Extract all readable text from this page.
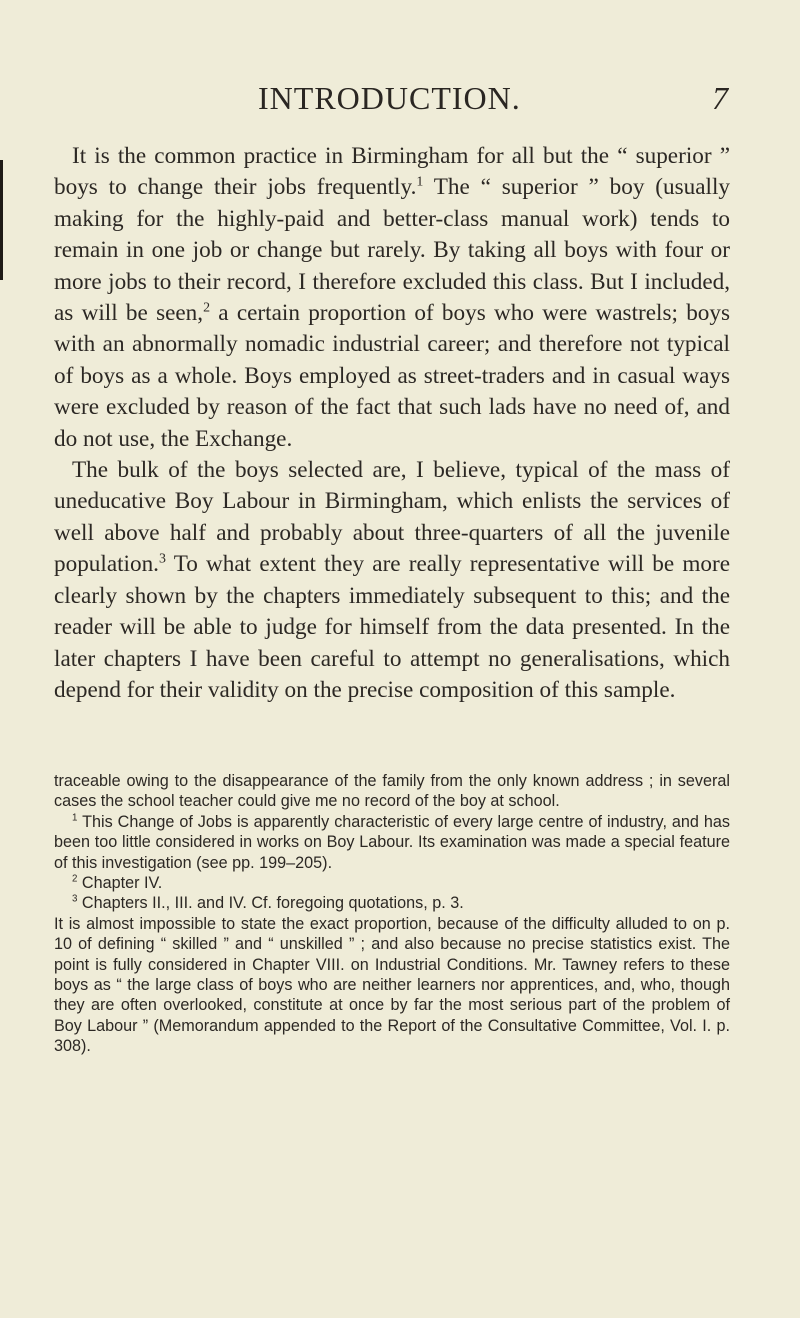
INTRODUCTION.	7

It is the common practice in Birmingham for all but the “ superior ” boys to change their jobs frequently.$^1$ The “ superior ” boy (usually making for the highly-paid and better-class manual work) tends to remain in one job or change but rarely. By taking all boys with four or more jobs to their record, I therefore excluded this class. But I included, as will be seen,$^2$ a certain proportion of boys who were wastrels; boys with an abnormally nomadic industrial career; and therefore not typical of boys as a whole. Boys employed as street-traders and in casual ways were excluded by reason of the fact that such lads have no need of, and do not use, the Exchange.

The bulk of the boys selected are, I believe, typical of the mass of uneducative Boy Labour in Birmingham, which enlists the services of well above half and probably about three-quarters of all the juvenile population.$^3$ To what extent they are really representative will be more clearly shown by the chapters immediately subsequent to this; and the reader will be able to judge for himself from the data presented. In the later chapters I have been careful to attempt no generalisations, which depend for their validity on the precise composition of this sample.

traceable owing to the disappearance of the family from the only known address ; in several cases the school teacher could give me no record of the boy at school.

$^1$ This Change of Jobs is apparently characteristic of every large centre of industry, and has been too little considered in works on Boy Labour. Its examination was made a special feature of this investigation (see pp. 199–205).

$^2$ Chapter IV.

$^3$ Chapters II., III. and IV. Cf. foregoing quotations, p. 3.

It is almost impossible to state the exact proportion, because of the difficulty alluded to on p. 10 of defining “ skilled ” and “ unskilled ” ; and also because no precise statistics exist. The point is fully considered in Chapter VIII. on Industrial Conditions. Mr. Tawney refers to these boys as “ the large class of boys who are neither learners nor apprentices, and, who, though they are often overlooked, constitute at once by far the most serious part of the problem of Boy Labour ” (Memorandum appended to the Report of the Consultative Committee, Vol. I. p. 308).
